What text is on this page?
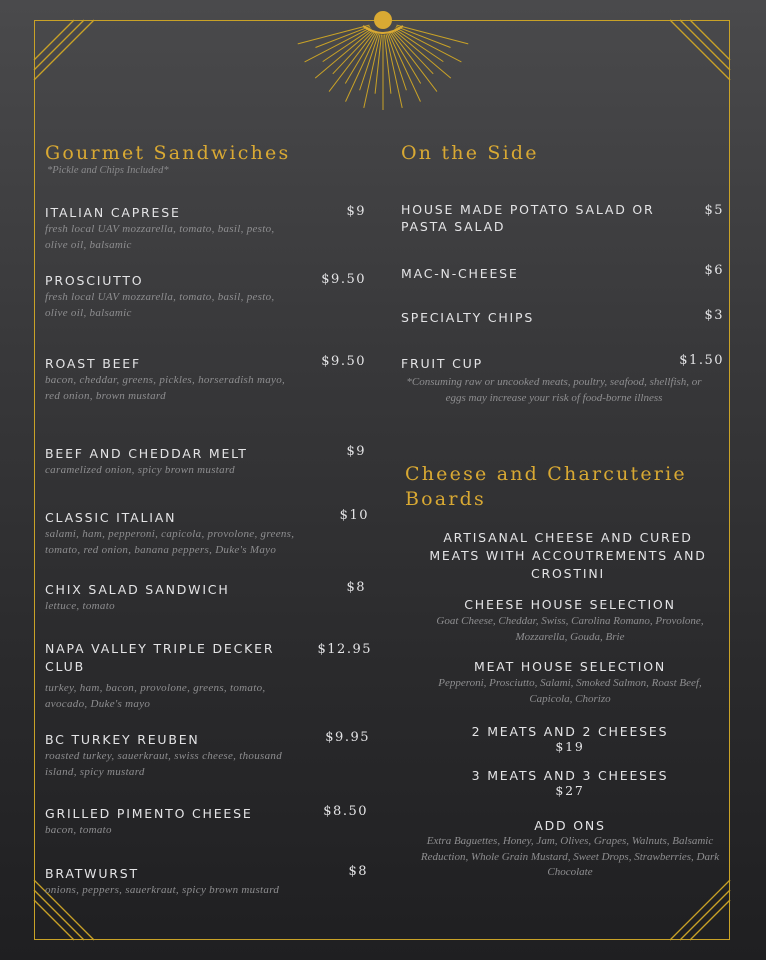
Gourmet Sandwiches
*Pickle and Chips Included*
ITALIAN CAPRESE
fresh local UAV mozzarella, tomato, basil, pesto, olive oil, balsamic
$9
PROSCIUTTO
fresh local UAV mozzarella, tomato, basil, pesto, olive oil, balsamic
$9.50
ROAST BEEF
bacon, cheddar, greens, pickles, horseradish mayo, red onion, brown mustard
$9.50
BEEF AND CHEDDAR MELT
caramelized onion, spicy brown mustard
$9
CLASSIC ITALIAN
salami, ham, pepperoni, capicola, provolone, greens, tomato, red onion, banana peppers, Duke's Mayo
$10
CHIX SALAD SANDWICH
lettuce, tomato
$8
NAPA VALLEY TRIPLE DECKER CLUB
turkey, ham, bacon, provolone, greens, tomato, avocado, Duke's mayo
$12.95
BC TURKEY REUBEN
roasted turkey, sauerkraut, swiss cheese, thousand island, spicy mustard
$9.95
GRILLED PIMENTO CHEESE
bacon, tomato
$8.50
BRATWURST
onions, peppers, sauerkraut, spicy brown mustard
$8
On the Side
HOUSE MADE POTATO SALAD OR PASTA SALAD
$5
MAC-N-CHEESE	$6
SPECIALTY CHIPS	$3
FRUIT CUP	$1.50
*Consuming raw or uncooked meats, poultry, seafood, shellfish, or eggs may increase your risk of food-borne illness
Cheese and Charcuterie Boards
ARTISANAL CHEESE AND CURED MEATS WITH ACCOUTREMENTS AND CROSTINI
CHEESE HOUSE SELECTION
Goat Cheese, Cheddar, Swiss, Carolina Romano, Provolone, Mozzarella, Gouda, Brie
MEAT HOUSE SELECTION
Pepperoni, Prosciutto, Salami, Smoked Salmon, Roast Beef, Capicola, Chorizo
2 MEATS AND 2 CHEESES
$19
3 MEATS AND 3 CHEESES
$27
ADD ONS
Extra Baguettes, Honey, Jam, Olives, Grapes, Walnuts, Balsamic Reduction, Whole Grain Mustard, Sweet Drops, Strawberries, Dark Chocolate
